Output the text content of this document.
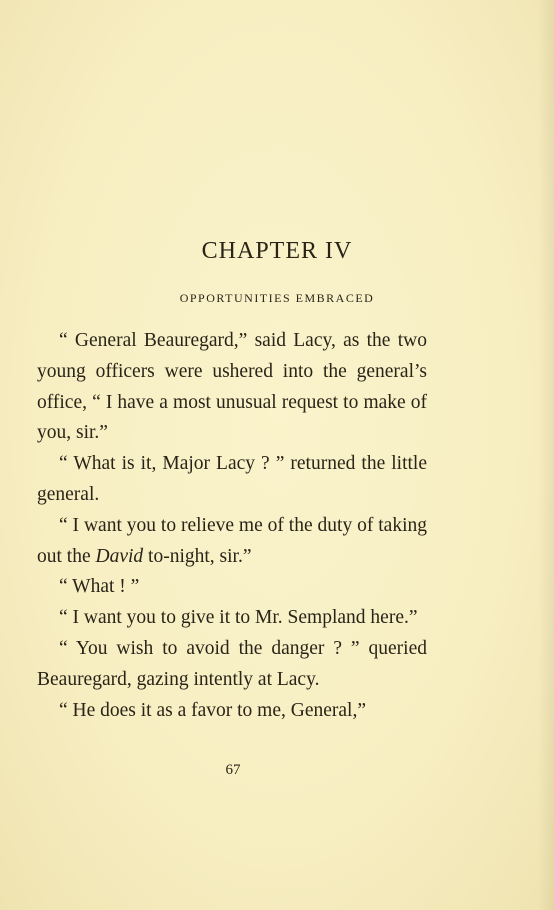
CHAPTER IV
OPPORTUNITIES EMBRACED

“ General Beauregard,” said Lacy, as the two young officers were ushered into the general’s office, “ I have a most unusual request to make of you, sir.”

“ What is it, Major Lacy ? ” returned the little general.

“ I want you to relieve me of the duty of taking out the David to-night, sir.”

“ What ! ”

“ I want you to give it to Mr. Sempland here.”

“ You wish to avoid the danger ? ” queried Beauregard, gazing intently at Lacy.

“ He does it as a favor to me, General,”

67
